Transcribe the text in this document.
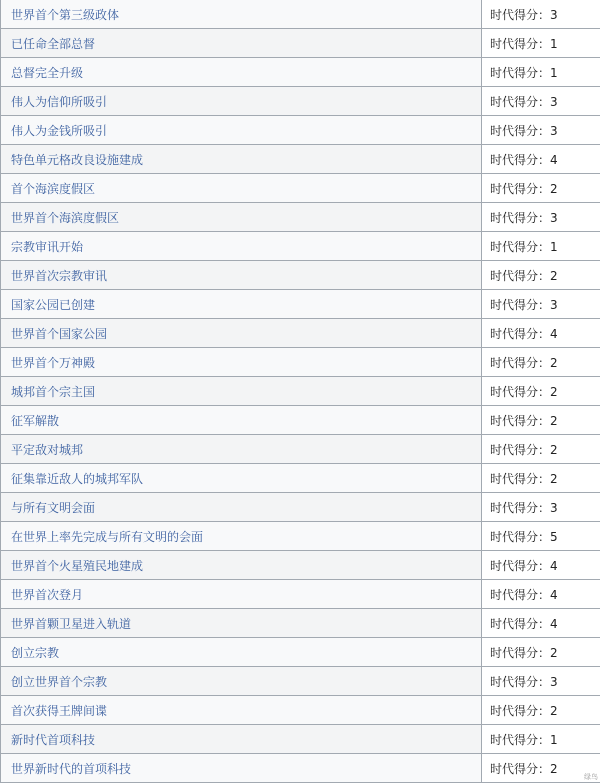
世界首个第三级政体	时代得分：3
已任命全部总督	时代得分：1
总督完全升级	时代得分：1
伟人为信仰所吸引	时代得分：3
伟人为金钱所吸引	时代得分：3
特色单元格改良设施建成	时代得分：4
首个海滨度假区	时代得分：2
世界首个海滨度假区	时代得分：3
宗教审讯开始	时代得分：1
世界首次宗教审讯	时代得分：2
国家公园已创建	时代得分：3
世界首个国家公园	时代得分：4
世界首个万神殿	时代得分：2
城邦首个宗主国	时代得分：2
征军解散	时代得分：2
平定敌对城邦	时代得分：2
征集靠近敌人的城邦军队	时代得分：2
与所有文明会面	时代得分：3
在世界上率先完成与所有文明的会面	时代得分：5
世界首个火星殖民地建成	时代得分：4
世界首次登月	时代得分：4
世界首颗卫星进入轨道	时代得分：4
创立宗教	时代得分：2
创立世界首个宗教	时代得分：3
首次获得王牌间谍	时代得分：2
新时代首项科技	时代得分：1
世界新时代的首项科技	时代得分：2
绿鸟
